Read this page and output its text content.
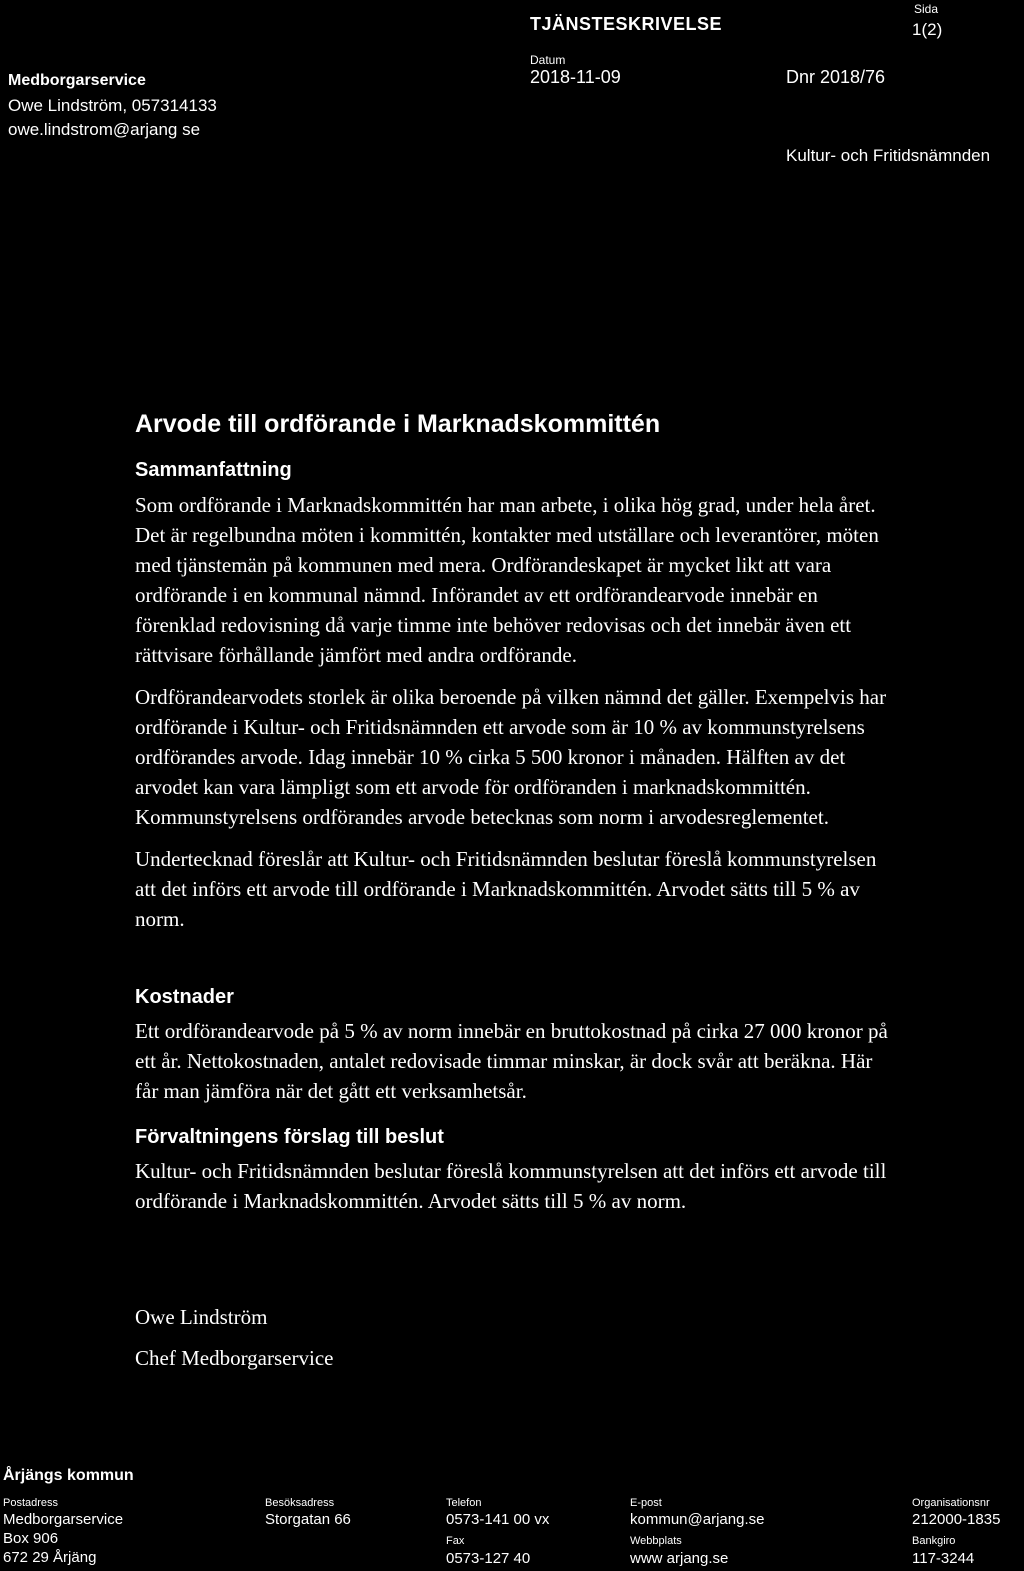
TJÄNSTESKRIVELSE
Sida
1(2)
Datum
2018-11-09	Dnr 2018/76
Medborgarservice
Owe Lindström, 057314133
owe.lindstrom@arjang se
Kultur- och Fritidsnämnden
Arvode till ordförande i Marknadskommittén
Sammanfattning

Som ordförande i Marknadskommittén har man arbete, i olika hög grad, under hela året. Det är regelbundna möten i kommittén, kontakter med utställare och leverantörer, möten med tjänstemän på kommunen med mera. Ordförandeskapet är mycket likt att vara ordförande i en kommunal nämnd. Införandet av ett ordförandearvode innebär en förenklad redovisning då varje timme inte behöver redovisas och det innebär även ett rättvisare förhållande jämfört med andra ordförande.

Ordförandearvodets storlek är olika beroende på vilken nämnd det gäller. Exempelvis har ordförande i Kultur- och Fritidsnämnden ett arvode som är 10 % av kommunstyrelsens ordförandes arvode. Idag innebär 10 % cirka 5 500 kronor i månaden. Hälften av det arvodet kan vara lämpligt som ett arvode för ordföranden i marknadskommittén. Kommunstyrelsens ordförandes arvode betecknas som norm i arvodesreglementet.

Undertecknad föreslår att Kultur- och Fritidsnämnden beslutar föreslå kommunstyrelsen att det införs ett arvode till ordförande i Marknadskommittén. Arvodet sätts till 5 % av norm.

Kostnader

Ett ordförandearvode på 5 % av norm innebär en bruttokostnad på cirka 27 000 kronor på ett år. Nettokostnaden, antalet redovisade timmar minskar, är dock svår att beräkna. Här får man jämföra när det gått ett verksamhetsår.

Förvaltningens förslag till beslut

Kultur- och Fritidsnämnden beslutar föreslå kommunstyrelsen att det införs ett arvode till ordförande i Marknadskommittén. Arvodet sätts till 5 % av norm.

Owe Lindström
Chef Medborgarservice
Årjängs kommun
Postadress
Medborgarservice
Box 906
672 29 Årjäng
Besöksadress
Storgatan 66
Telefon
0573-141 00 vx
Fax
0573-127 40
E-post
kommun@arjang.se
Webbplats
www arjang.se
Organisationsnr
212000-1835
Bankgiro
117-3244
